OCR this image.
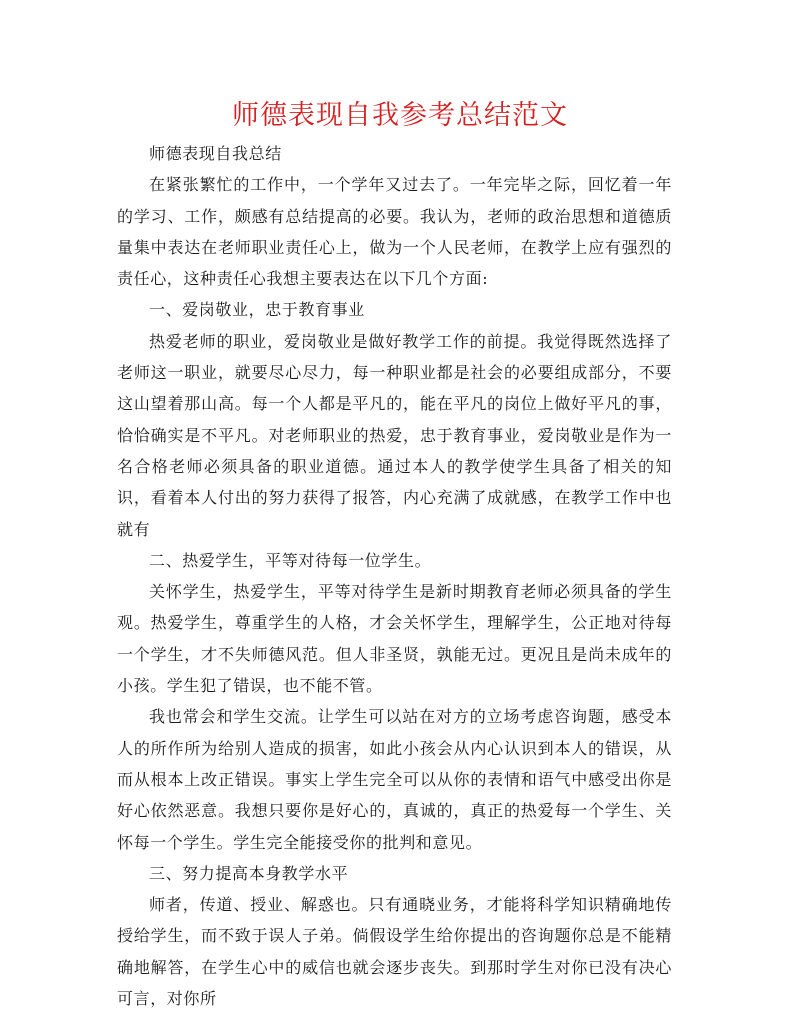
师德表现自我参考总结范文

师德表现自我总结

在紧张繁忙的工作中，一个学年又过去了。一年完毕之际，回忆着一年的学习、工作，颇感有总结提高的必要。我认为，老师的政治思想和道德质量集中表达在老师职业责任心上，做为一个人民老师，在教学上应有强烈的责任心，这种责任心我想主要表达在以下几个方面:

一、爱岗敬业，忠于教育事业

热爱老师的职业，爱岗敬业是做好教学工作的前提。我觉得既然选择了老师这一职业，就要尽心尽力，每一种职业都是社会的必要组成部分，不要这山望着那山高。每一个人都是平凡的，能在平凡的岗位上做好平凡的事，恰恰确实是不平凡。对老师职业的热爱，忠于教育事业，爱岗敬业是作为一名合格老师必须具备的职业道德。通过本人的教学使学生具备了相关的知识，看着本人付出的努力获得了报答，内心充满了成就感，在教学工作中也就有

二、热爱学生，平等对待每一位学生。

关怀学生，热爱学生，平等对待学生是新时期教育老师必须具备的学生观。热爱学生，尊重学生的人格，才会关怀学生，理解学生，公正地对待每一个学生，才不失师德风范。但人非圣贤，孰能无过。更况且是尚未成年的小孩。学生犯了错误，也不能不管。

我也常会和学生交流。让学生可以站在对方的立场考虑咨询题，感受本人的所作所为给别人造成的损害，如此小孩会从内心认识到本人的错误，从而从根本上改正错误。事实上学生完全可以从你的表情和语气中感受出你是好心依然恶意。我想只要你是好心的，真诚的，真正的热爱每一个学生、关怀每一个学生。学生完全能接受你的批判和意见。

三、努力提高本身教学水平

师者，传道、授业、解惑也。只有通晓业务，才能将科学知识精确地传授给学生，而不致于误人子弟。倘假设学生给你提出的咨询题你总是不能精确地解答，在学生心中的威信也就会逐步丧失。到那时学生对你已没有决心可言，对你所
